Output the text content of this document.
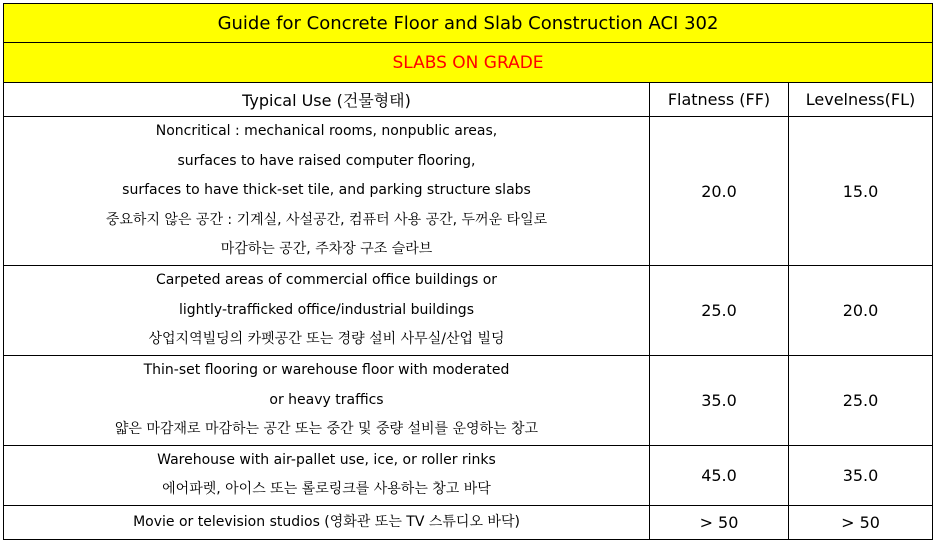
Guide for Concrete Floor and Slab Construction ACI 302		
SLABS ON GRADE		
Typical Use (건물형태)	Flatness (FF)	Levelness(FL)

Noncritical : mechanical rooms, nonpublic areas,
surfaces to have raised computer flooring,
surfaces to have thick-set tile, and parking structure slabs
중요하지 않은 공간 : 기계실, 사설공간, 컴퓨터 사용 공간, 두꺼운 타일로
마감하는 공간, 주차장 구조 슬라브	20.0	15.0

Carpeted areas of commercial office buildings or
lightly-trafficked office/industrial buildings
상업지역빌딩의 카펫공간 또는 경량 설비 사무실/산업 빌딩	25.0	20.0

Thin-set flooring or warehouse floor with moderated
or heavy traffics
얇은 마감재로 마감하는 공간 또는 중간 및 중량 설비를 운영하는 창고	35.0	25.0

Warehouse with air-pallet use, ice, or roller rinks
에어파렛, 아이스 또는 롤로링크를 사용하는 창고 바닥	45.0	35.0

Movie or television studios (영화관 또는 TV 스튜디오 바닥)	> 50	> 50
